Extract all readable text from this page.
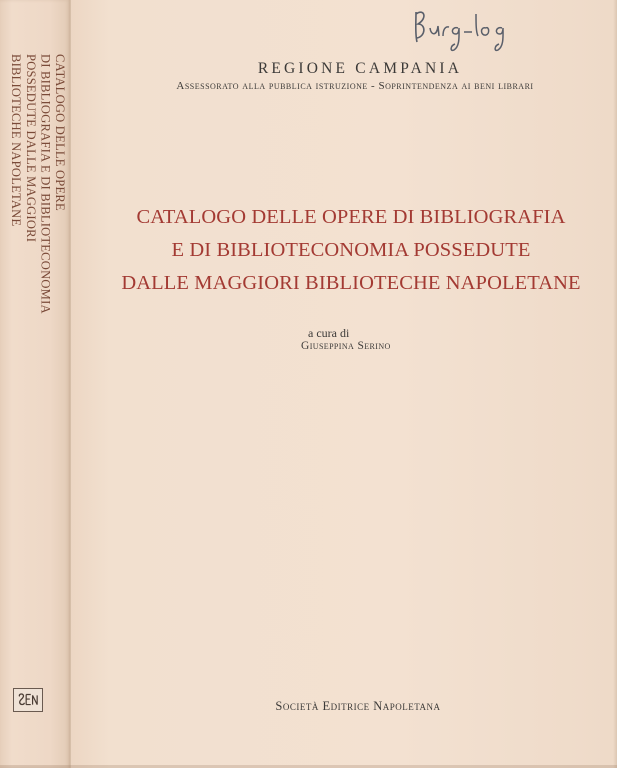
CATALOGO DELLE OPERE
DI BIBLIOGRAFIA E DI BIBLIOTECONOMIA
POSSEDUTE DALLE MAGGIORI
BIBLIOTECHE NAPOLETANE	REGIONE CAMPANIA
Assessorato alla pubblica istruzione - Soprintendenza ai beni librari
CATALOGO DELLE OPERE DI BIBLIOGRAFIA
E DI BIBLIOTECONOMIA POSSEDUTE
DALLE MAGGIORI BIBLIOTECHE NAPOLETANE
a cura di
Giuseppina Serino
Società Editrice Napoletana
